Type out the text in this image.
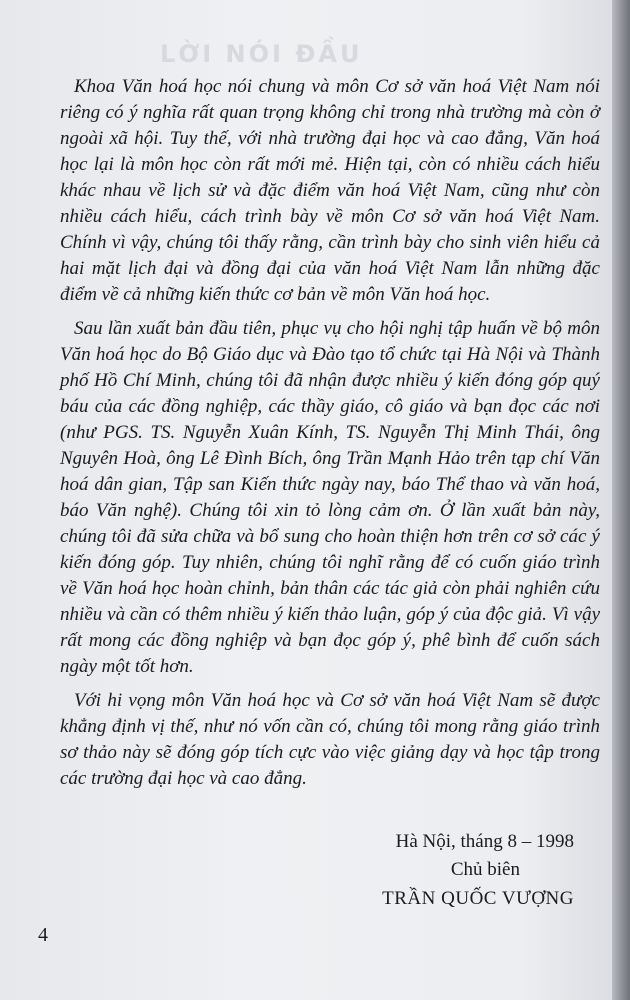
LỜI NÓI ĐẦU

Khoa Văn hoá học nói chung và môn Cơ sở văn hoá Việt Nam nói riêng có ý nghĩa rất quan trọng không chỉ trong nhà trường mà còn ở ngoài xã hội. Tuy thế, với nhà trường đại học và cao đẳng, Văn hoá học lại là môn học còn rất mới mẻ. Hiện tại, còn có nhiều cách hiểu khác nhau về lịch sử và đặc điểm văn hoá Việt Nam, cũng như còn nhiều cách hiểu, cách trình bày về môn Cơ sở văn hoá Việt Nam. Chính vì vậy, chúng tôi thấy rằng, cần trình bày cho sinh viên hiểu cả hai mặt lịch đại và đồng đại của văn hoá Việt Nam lẫn những đặc điểm về cả những kiến thức cơ bản về môn Văn hoá học.

Sau lần xuất bản đầu tiên, phục vụ cho hội nghị tập huấn về bộ môn Văn hoá học do Bộ Giáo dục và Đào tạo tổ chức tại Hà Nội và Thành phố Hồ Chí Minh, chúng tôi đã nhận được nhiều ý kiến đóng góp quý báu của các đồng nghiệp, các thầy giáo, cô giáo và bạn đọc các nơi (như PGS. TS. Nguyễn Xuân Kính, TS. Nguyễn Thị Minh Thái, ông Nguyên Hoà, ông Lê Đình Bích, ông Trần Mạnh Hảo trên tạp chí Văn hoá dân gian, Tập san Kiến thức ngày nay, báo Thể thao và văn hoá, báo Văn nghệ). Chúng tôi xin tỏ lòng cảm ơn. Ở lần xuất bản này, chúng tôi đã sửa chữa và bổ sung cho hoàn thiện hơn trên cơ sở các ý kiến đóng góp. Tuy nhiên, chúng tôi nghĩ rằng để có cuốn giáo trình về Văn hoá học hoàn chỉnh, bản thân các tác giả còn phải nghiên cứu nhiều và cần có thêm nhiều ý kiến thảo luận, góp ý của độc giả. Vì vậy rất mong các đồng nghiệp và bạn đọc góp ý, phê bình để cuốn sách ngày một tốt hơn.

Với hi vọng môn Văn hoá học và Cơ sở văn hoá Việt Nam sẽ được khẳng định vị thế, như nó vốn cần có, chúng tôi mong rằng giáo trình sơ thảo này sẽ đóng góp tích cực vào việc giảng dạy và học tập trong các trường đại học và cao đẳng.

Hà Nội, tháng 8 – 1998
Chủ biên
TRẦN QUỐC VƯỢNG
4
